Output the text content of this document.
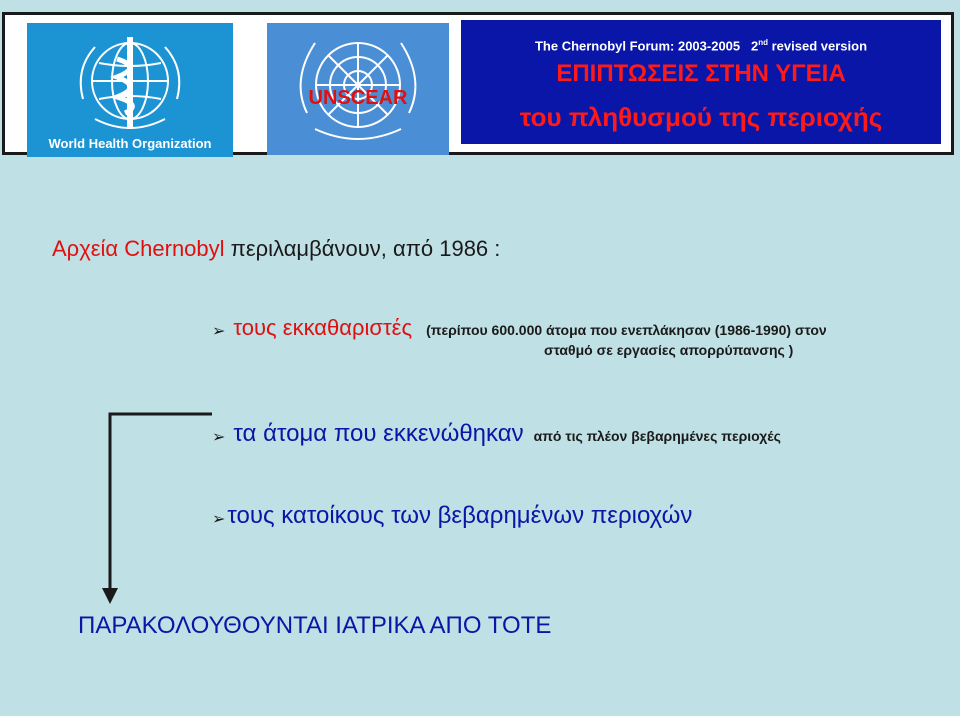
World Health Organization
UNSCEAR
The Chernobyl Forum: 2003-2005 2nd revised version
ΕΠΙΠΤΩΣΕΙΣ ΣΤΗΝ ΥΓΕΙΑ
του πληθυσμού της περιοχής
Αρχεία Chernobyl περιλαμβάνουν, από 1986 :
➢ τους εκκαθαριστές (περίπου 600.000 άτομα που ενεπλάκησαν (1986-1990) στον
σταθμό σε εργασίες απορρύπανσης )
➢ τα άτομα που εκκενώθηκαν από τις πλέον βεβαρημένες περιοχές
➢τους κατοίκους των βεβαρημένων περιοχών
ΠΑΡΑΚΟΛΟΥΘΟΥΝΤΑΙ ΙΑΤΡΙΚΑ ΑΠΟ ΤΟΤΕ
